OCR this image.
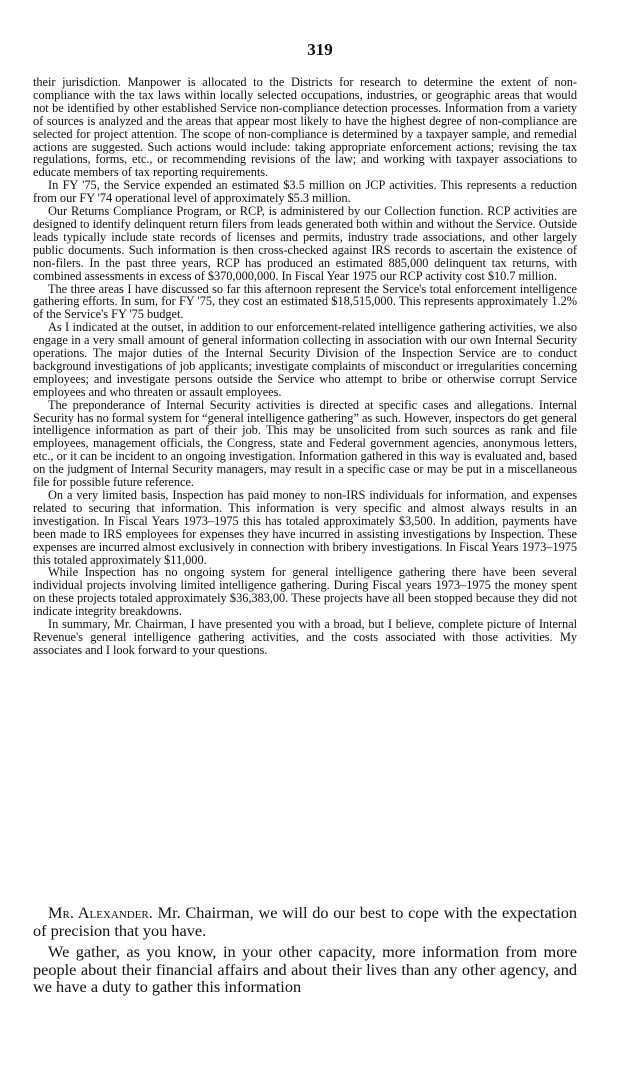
319

their jurisdiction. Manpower is allocated to the Districts for research to determine the extent of non-compliance with the tax laws within locally selected occupations, industries, or geographic areas that would not be identified by other established Service non-compliance detection processes. Information from a variety of sources is analyzed and the areas that appear most likely to have the highest degree of non-compliance are selected for project attention. The scope of non-compliance is determined by a taxpayer sample, and remedial actions are suggested. Such actions would include: taking appropriate enforcement actions; revising the tax regulations, forms, etc., or recommending revisions of the law; and working with taxpayer associations to educate members of tax reporting requirements.

In FY '75, the Service expended an estimated $3.5 million on JCP activities. This represents a reduction from our FY '74 operational level of approximately $5.3 million.

Our Returns Compliance Program, or RCP, is administered by our Collection function. RCP activities are designed to identify delinquent return filers from leads generated both within and without the Service. Outside leads typically include state records of licenses and permits, industry trade associations, and other largely public documents. Such information is then cross-checked against IRS records to ascertain the existence of non-filers. In the past three years, RCP has produced an estimated 885,000 delinquent tax returns, with combined assessments in excess of $370,000,000. In Fiscal Year 1975 our RCP activity cost $10.7 million.

The three areas I have discussed so far this afternoon represent the Service's total enforcement intelligence gathering efforts. In sum, for FY '75, they cost an estimated $18,515,000. This represents approximately 1.2% of the Service's FY '75 budget.

As I indicated at the outset, in addition to our enforcement-related intelligence gathering activities, we also engage in a very small amount of general information collecting in association with our own Internal Security operations. The major duties of the Internal Security Division of the Inspection Service are to conduct background investigations of job applicants; investigate complaints of misconduct or irregularities concerning employees; and investigate persons outside the Service who attempt to bribe or otherwise corrupt Service employees and who threaten or assault employees.

The preponderance of Internal Security activities is directed at specific cases and allegations. Internal Security has no formal system for “general intelligence gathering” as such. However, inspectors do get general intelligence information as part of their job. This may be unsolicited from such sources as rank and file employees, management officials, the Congress, state and Federal government agencies, anonymous letters, etc., or it can be incident to an ongoing investigation. Information gathered in this way is evaluated and, based on the judgment of Internal Security managers, may result in a specific case or may be put in a miscellaneous file for possible future reference.

On a very limited basis, Inspection has paid money to non-IRS individuals for information, and expenses related to securing that information. This information is very specific and almost always results in an investigation. In Fiscal Years 1973–1975 this has totaled approximately $3,500. In addition, payments have been made to IRS employees for expenses they have incurred in assisting investigations by Inspection. These expenses are incurred almost exclusively in connection with bribery investigations. In Fiscal Years 1973–1975 this totaled approximately $11,000.

While Inspection has no ongoing system for general intelligence gathering there have been several individual projects involving limited intelligence gathering. During Fiscal years 1973–1975 the money spent on these projects totaled approximately $36,383,00. These projects have all been stopped because they did not indicate integrity breakdowns.

In summary, Mr. Chairman, I have presented you with a broad, but I believe, complete picture of Internal Revenue's general intelligence gathering activities, and the costs associated with those activities. My associates and I look forward to your questions.

Mr. Alexander. Mr. Chairman, we will do our best to cope with the expectation of precision that you have.

We gather, as you know, in your other capacity, more information from more people about their financial affairs and about their lives than any other agency, and we have a duty to gather this information
